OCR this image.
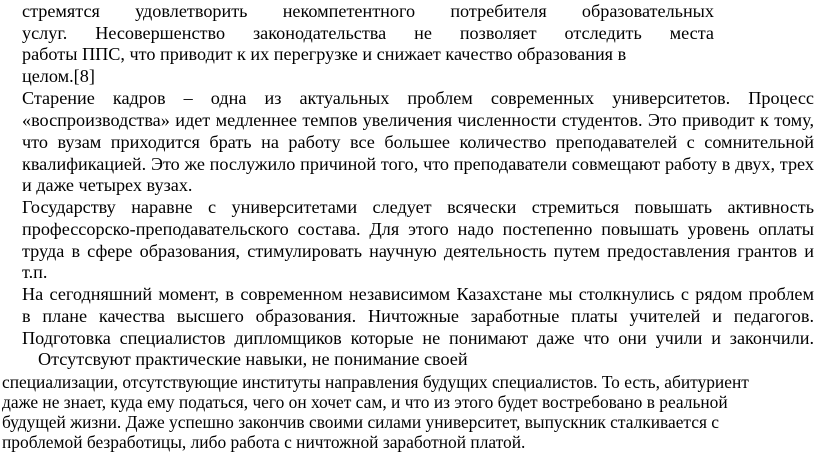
стремятся удовлетворить некомпетентного потребителя образовательных
услуг. Несовершенство законодательства не позволяет отследить места
работы ППС, что приводит к их перегрузке и снижает качество образования в
целом.[8]
Старение кадров – одна из актуальных проблем современных университетов. Процесс
«воспроизводства» идет медленнее темпов увеличения численности студентов. Это приводит к тому,
что вузам приходится брать на работу все большее количество преподавателей с сомнительной
квалификацией. Это же послужило причиной того, что преподаватели совмещают работу в двух, трех
и даже четырех вузах.
Государству наравне с университетами следует всячески стремиться повышать активность
профессорско-преподавательского состава. Для этого надо постепенно повышать уровень оплаты
труда в сфере образования, стимулировать научную деятельность путем предоставления грантов и
т.п.
На сегодняшний момент, в современном независимом Казахстане мы столкнулись с рядом проблем
в плане качества высшего образования. Ничтожные заработные платы учителей и педагогов.
Подготовка специалистов дипломщиков которые не понимают даже что они учили и закончили.
Отсутсвуют практические навыки, не понимание своей
специализации, отсутствующие институты направления будущих специалистов. То есть, абитуриент
даже не знает, куда ему податься, чего он хочет сам, и что из этого будет востребовано в реальной
будущей жизни. Даже успешно закончив своими силами университет, выпускник сталкивается с
проблемой безработицы, либо работа с ничтожной заработной платой.
